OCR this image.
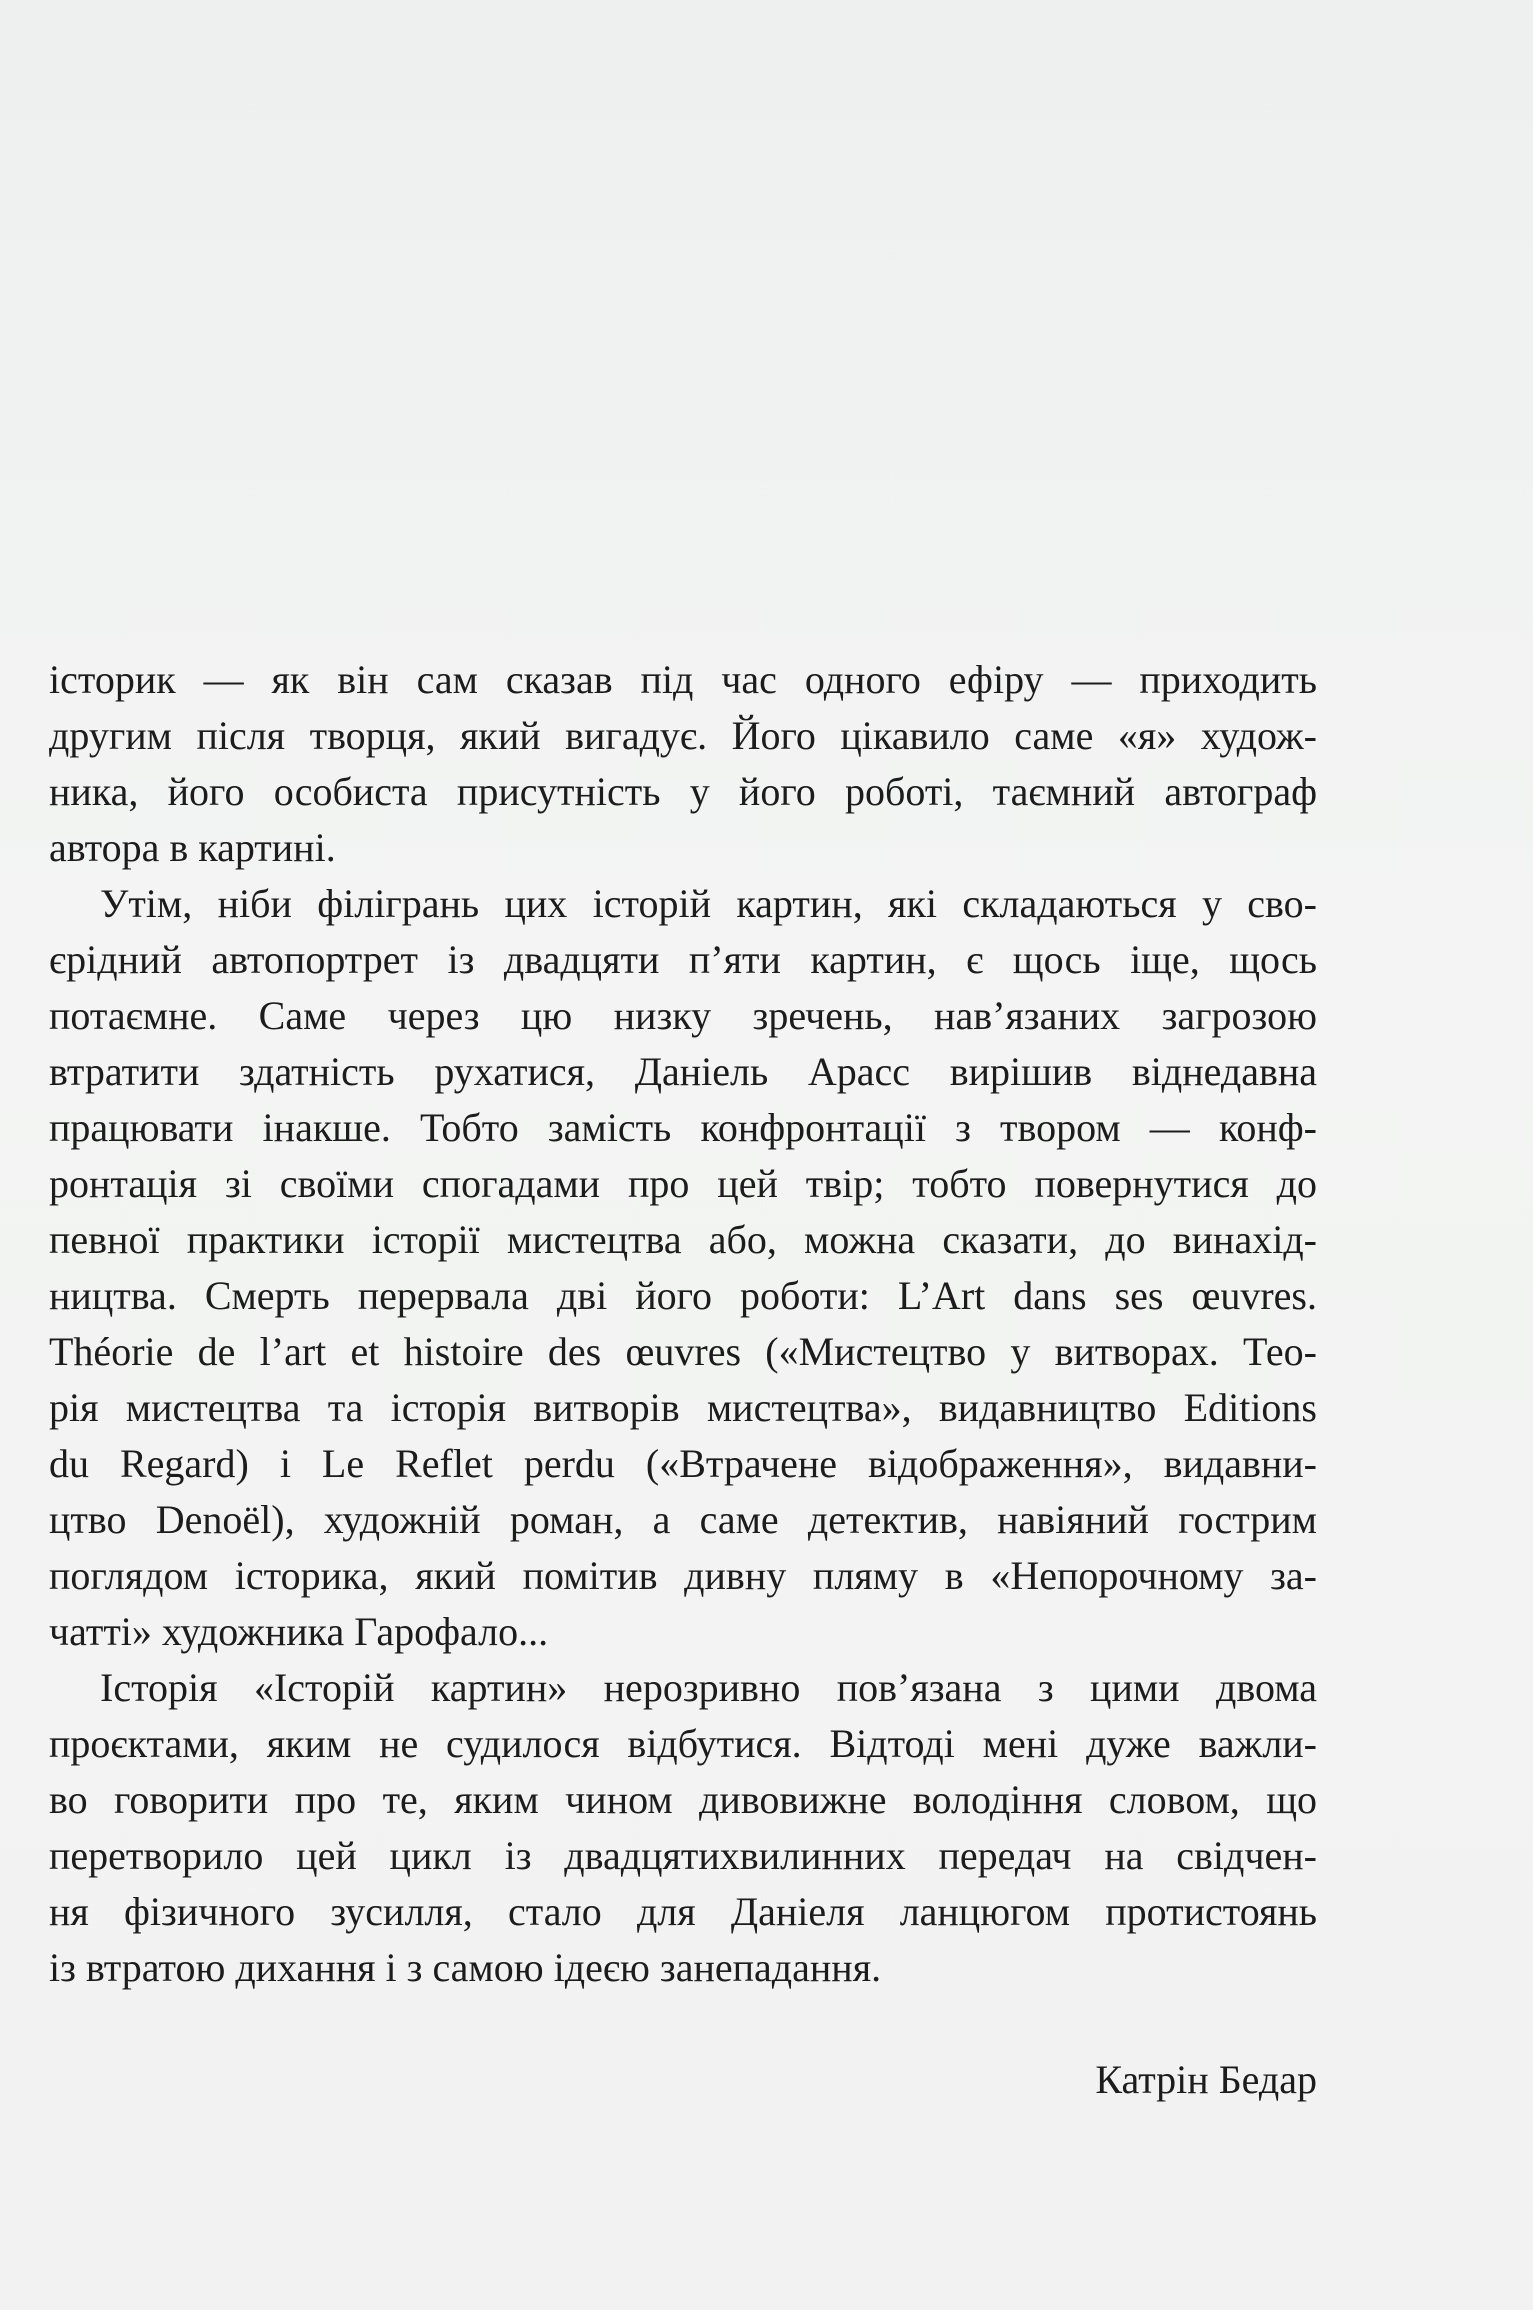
історик — як він сам сказав під час одного ефіру — приходить
другим після творця, який вигадує. Його цікавило саме «я» худож-
ника, його особиста присутність у його роботі, таємний автограф
автора в картині.
Утім, ніби філігрань цих історій картин, які складаються у сво-
єрідний автопортрет із двадцяти п’яти картин, є щось іще, щось
потаємне. Саме через цю низку зречень, нав’язаних загрозою
втратити здатність рухатися, Даніель Арасс вирішив віднедавна
працювати інакше. Тобто замість конфронтації з твором — конф-
ронтація зі своїми спогадами про цей твір; тобто повернутися до
певної практики історії мистецтва або, можна сказати, до винахід-
ництва. Смерть перервала дві його роботи: L’Art dans ses œuvres.
Théorie de l’art et histoire des œuvres («Мистецтво у витворах. Тео-
рія мистецтва та історія витворів мистецтва», видавництво Editions
du Regard) і Le Reflet perdu («Втрачене відображення», видавни-
цтво Denoël), художній роман, а саме детектив, навіяний гострим
поглядом історика, який помітив дивну пляму в «Непорочному за-
чатті» художника Гарофало...
Історія «Історій картин» нерозривно пов’язана з цими двома
проєктами, яким не судилося відбутися. Відтоді мені дуже важли-
во говорити про те, яким чином дивовижне володіння словом, що
перетворило цей цикл із двадцятихвилинних передач на свідчен-
ня фізичного зусилля, стало для Даніеля ланцюгом протистоянь
із втратою дихання і з самою ідеєю занепадання.
Катрін Бедар
